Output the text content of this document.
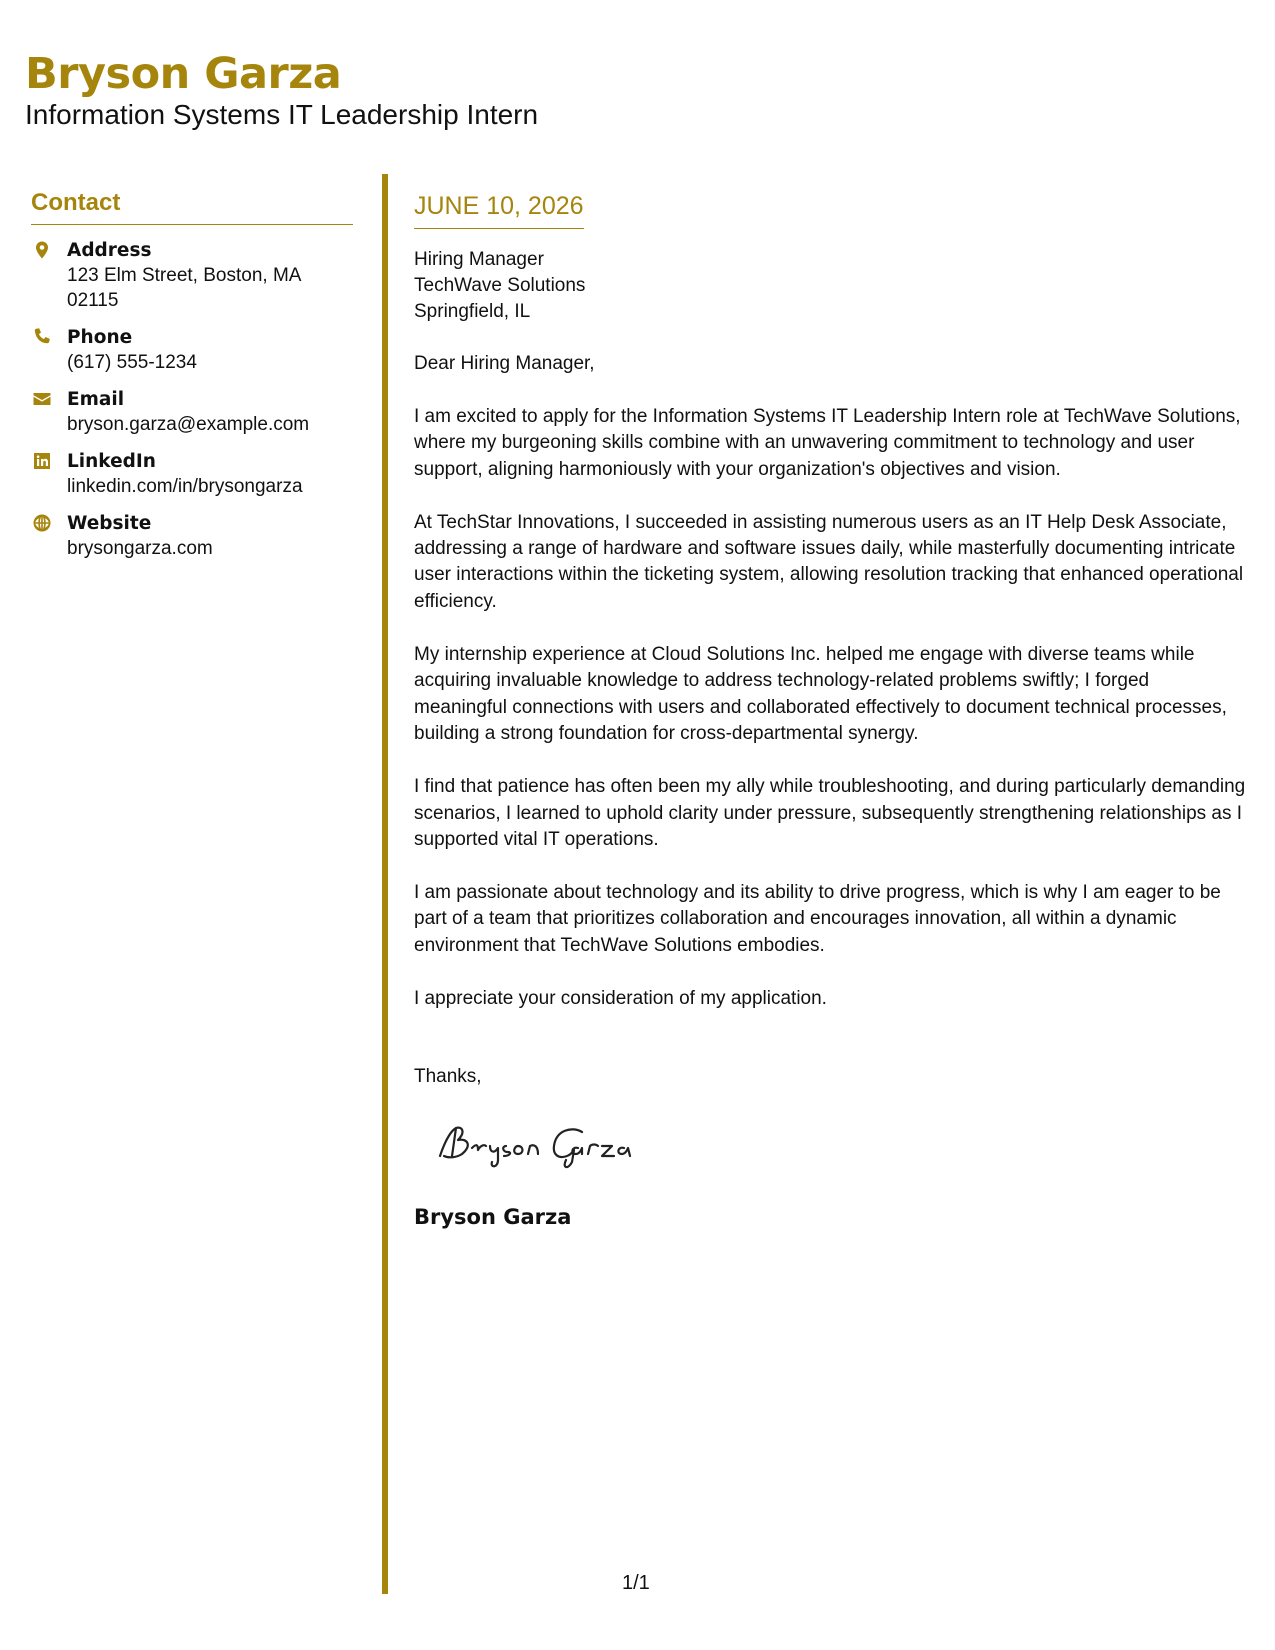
Bryson Garza
Information Systems IT Leadership Intern
Contact
Address
123 Elm Street, Boston, MA 02115
Phone
(617) 555-1234
Email
bryson.garza@example.com
LinkedIn
linkedin.com/in/brysongarza
Website
brysongarza.com
JUNE 10, 2026
Hiring Manager
TechWave Solutions
Springfield, IL
Dear Hiring Manager,
I am excited to apply for the Information Systems IT Leadership Intern role at TechWave Solutions, where my burgeoning skills combine with an unwavering commitment to technology and user support, aligning harmoniously with your organization's objectives and vision.
At TechStar Innovations, I succeeded in assisting numerous users as an IT Help Desk Associate, addressing a range of hardware and software issues daily, while masterfully documenting intricate user interactions within the ticketing system, allowing resolution tracking that enhanced operational efficiency.
My internship experience at Cloud Solutions Inc. helped me engage with diverse teams while acquiring invaluable knowledge to address technology-related problems swiftly; I forged meaningful connections with users and collaborated effectively to document technical processes, building a strong foundation for cross-departmental synergy.
I find that patience has often been my ally while troubleshooting, and during particularly demanding scenarios, I learned to uphold clarity under pressure, subsequently strengthening relationships as I supported vital IT operations.
I am passionate about technology and its ability to drive progress, which is why I am eager to be part of a team that prioritizes collaboration and encourages innovation, all within a dynamic environment that TechWave Solutions embodies.
I appreciate your consideration of my application.
Thanks,
Bryson Garza
1/1
